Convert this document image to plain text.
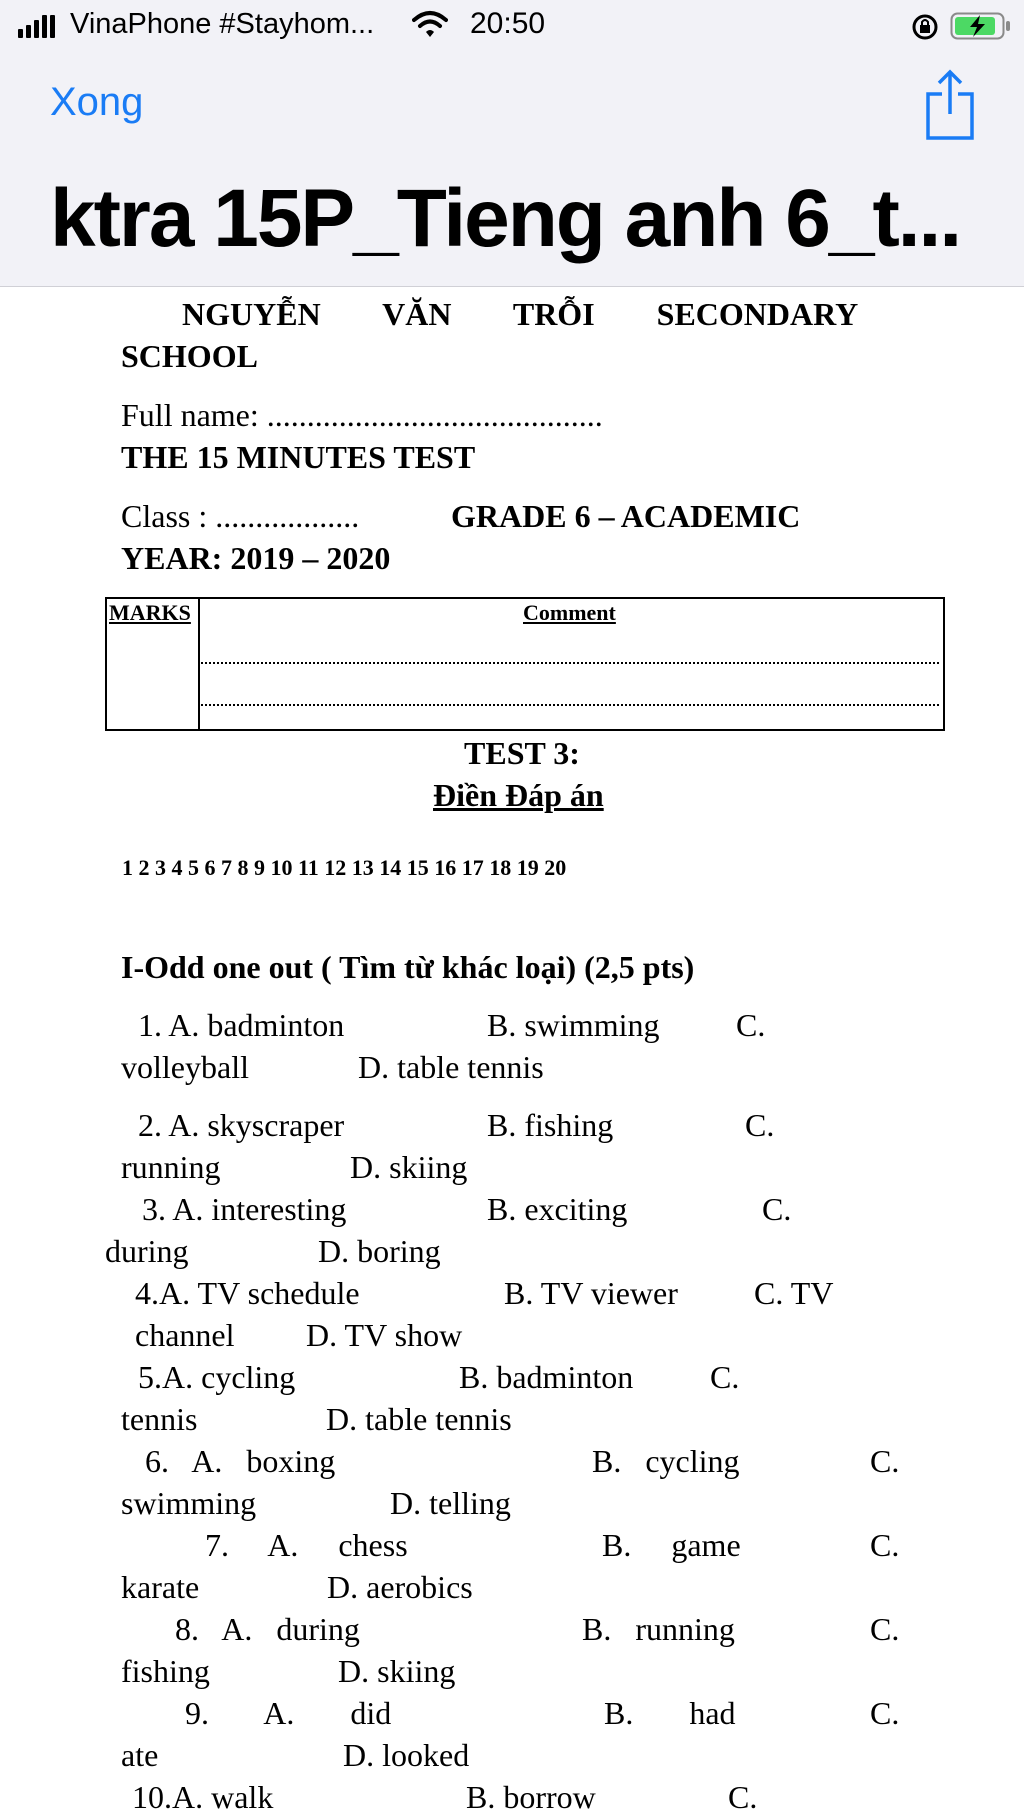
VinaPhone #Stayhom...	20:50
Xong
ktra 15P_Tieng anh 6_t...
NGUYỄN VĂN TRỖI SECONDARY
SCHOOL
Full name: ..........................................
THE 15 MINUTES TEST
Class : ..................	GRADE 6 – ACADEMIC
YEAR: 2019 – 2020
MARKS	Comment
TEST 3:
Điền Đáp án
1 2 3 4 5 6 7 8 9 10 11 12 13 14 15 16 17 18 19 20
I-Odd one out ( Tìm từ khác loại) (2,5 pts)
1. A. badminton	B. swimming C.
volleyball	D. table tennis
2. A. skyscraper	B. fishing	C.
running	D. skiing
3. A. interesting	B. exciting	C.
during	D. boring
4.A. TV schedule	B. TV viewer C. TV
channel D. TV show
5.A. cycling	B. badminton C.
tennis	D. table tennis
6.   A.   boxing	B.   cycling	C.
swimming	D. telling
7.     A.     chess	B.     game	C.
karate	D. aerobics
8.   A.   during	B.   running	C.
fishing	D. skiing
9.       A.       did	B.       had	C.
ate	D. looked
10.A. walk	B. borrow	C.
